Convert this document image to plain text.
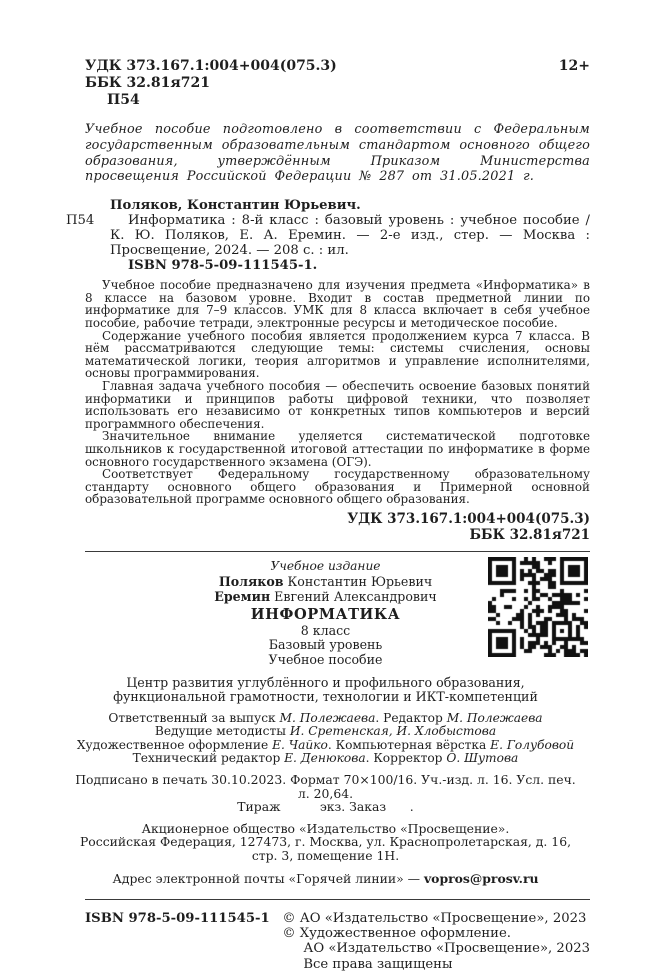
УДК 373.167.1:004+004(075.3)	12+
ББК 32.81я721
П54
Учебное пособие подготовлено в соответствии с Федеральным государственным образовательным стандартом основного общего образования, утверждённым Приказом Министерства просвещения Российской Федерации № 287 от 31.05.2021 г.
П54
Поляков, Константин Юрьевич.

Информатика : 8-й класс : базовый уровень : учебное пособие / К. Ю. Поляков, Е. А. Еремин. — 2-е изд., стер. — Москва : Просвещение, 2024. — 208 с. : ил.

ISBN 978-5-09-111545-1.

Учебное пособие предназначено для изучения предмета «Информатика» в 8 классе на базовом уровне. Входит в состав предметной линии по информатике для 7–9 классов. УМК для 8 класса включает в себя учебное пособие, рабочие тетради, электронные ресурсы и методическое пособие.

Содержание учебного пособия является продолжением курса 7 класса. В нём рассматриваются следующие темы: системы счисления, основы математической логики, теория алгоритмов и управление исполнителями, основы программирования.

Главная задача учебного пособия — обеспечить освоение базовых понятий информатики и принципов работы цифровой техники, что позволяет использовать его независимо от конкретных типов компьютеров и версий программного обеспечения.

Значительное внимание уделяется систематической подготовке школьников к государственной итоговой аттестации по информатике в форме основного государственного экзамена (ОГЭ).

Соответствует Федеральному государственному образовательному стандарту основного общего образования и Примерной основной образовательной программе основного общего образования.

УДК 373.167.1:004+004(075.3)
ББК 32.81я721
Учебное издание
Поляков Константин Юрьевич
Еремин Евгений Александрович
ИНФОРМАТИКА
8 класс
Базовый уровень
Учебное пособие
Центр развития углублённого и профильного образования, функциональной грамотности, технологии и ИКТ-компетенций
Ответственный за выпуск М. Полежаева. Редактор М. Полежаева
Ведущие методисты И. Сретенская, И. Хлобыстова
Художественное оформление Е. Чайко. Компьютерная вёрстка Е. Голубовой
Технический редактор Е. Денюкова. Корректор О. Шутова
Подписано в печать 30.10.2023. Формат 70×100/16. Уч.-изд. л. 16. Усл. печ. л. 20,64.
Тираж          экз. Заказ      .
Акционерное общество «Издательство «Просвещение».
Российская Федерация, 127473, г. Москва, ул. Краснопролетарская, д. 16,
стр. 3, помещение 1Н.
Адрес электронной почты «Горячей линии» — vopros@prosv.ru
ISBN 978-5-09-111545-1 © АО «Издательство «Просвещение», 2023
© Художественное оформление.
АО «Издательство «Просвещение», 2023
Все права защищены
